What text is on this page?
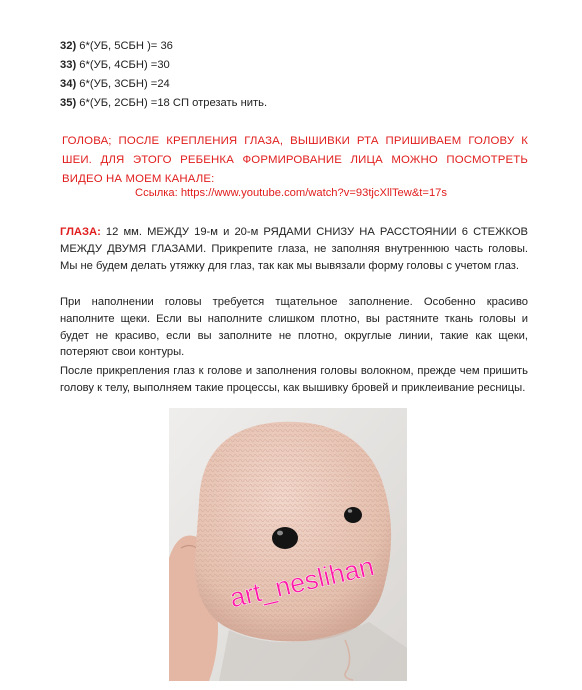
32) 6*(УБ, 5СБН )= 36
33) 6*(УБ, 4СБН) =30
34) 6*(УБ, 3СБН) =24
35) 6*(УБ, 2СБН) =18 СП отрезать нить.
ГОЛОВА; ПОСЛЕ КРЕПЛЕНИЯ ГЛАЗА, ВЫШИВКИ РТА ПРИШИВАЕМ ГОЛОВУ К ШЕИ. ДЛЯ ЭТОГО РЕБЕНКА ФОРМИРОВАНИЕ ЛИЦА МОЖНО ПОСМОТРЕТЬ ВИДЕО НА МОЕМ КАНАЛЕ:
Ссылка: https://www.youtube.com/watch?v=93tjcXllTew&t=17s
ГЛАЗА: 12 мм. МЕЖДУ 19-м и 20-м РЯДАМИ СНИЗУ НА РАССТОЯНИИ 6 СТЕЖКОВ МЕЖДУ ДВУМЯ ГЛАЗАМИ. Прикрепите глаза, не заполняя внутреннюю часть головы. Мы не будем делать утяжку для глаз, так как мы вывязали форму головы с учетом глаз.
При наполнении головы требуется тщательное заполнение. Особенно красиво наполните щеки. Если вы наполните слишком плотно, вы растяните ткань головы и будет не красиво, если вы заполните не плотно, округлые линии, такие как щеки, потеряют свои контуры.
После прикрепления глаз к голове и заполнения головы волокном, прежде чем пришить голову к телу, выполняем такие процессы, как вышивку бровей и приклеивание ресницы.
art_neslihan
